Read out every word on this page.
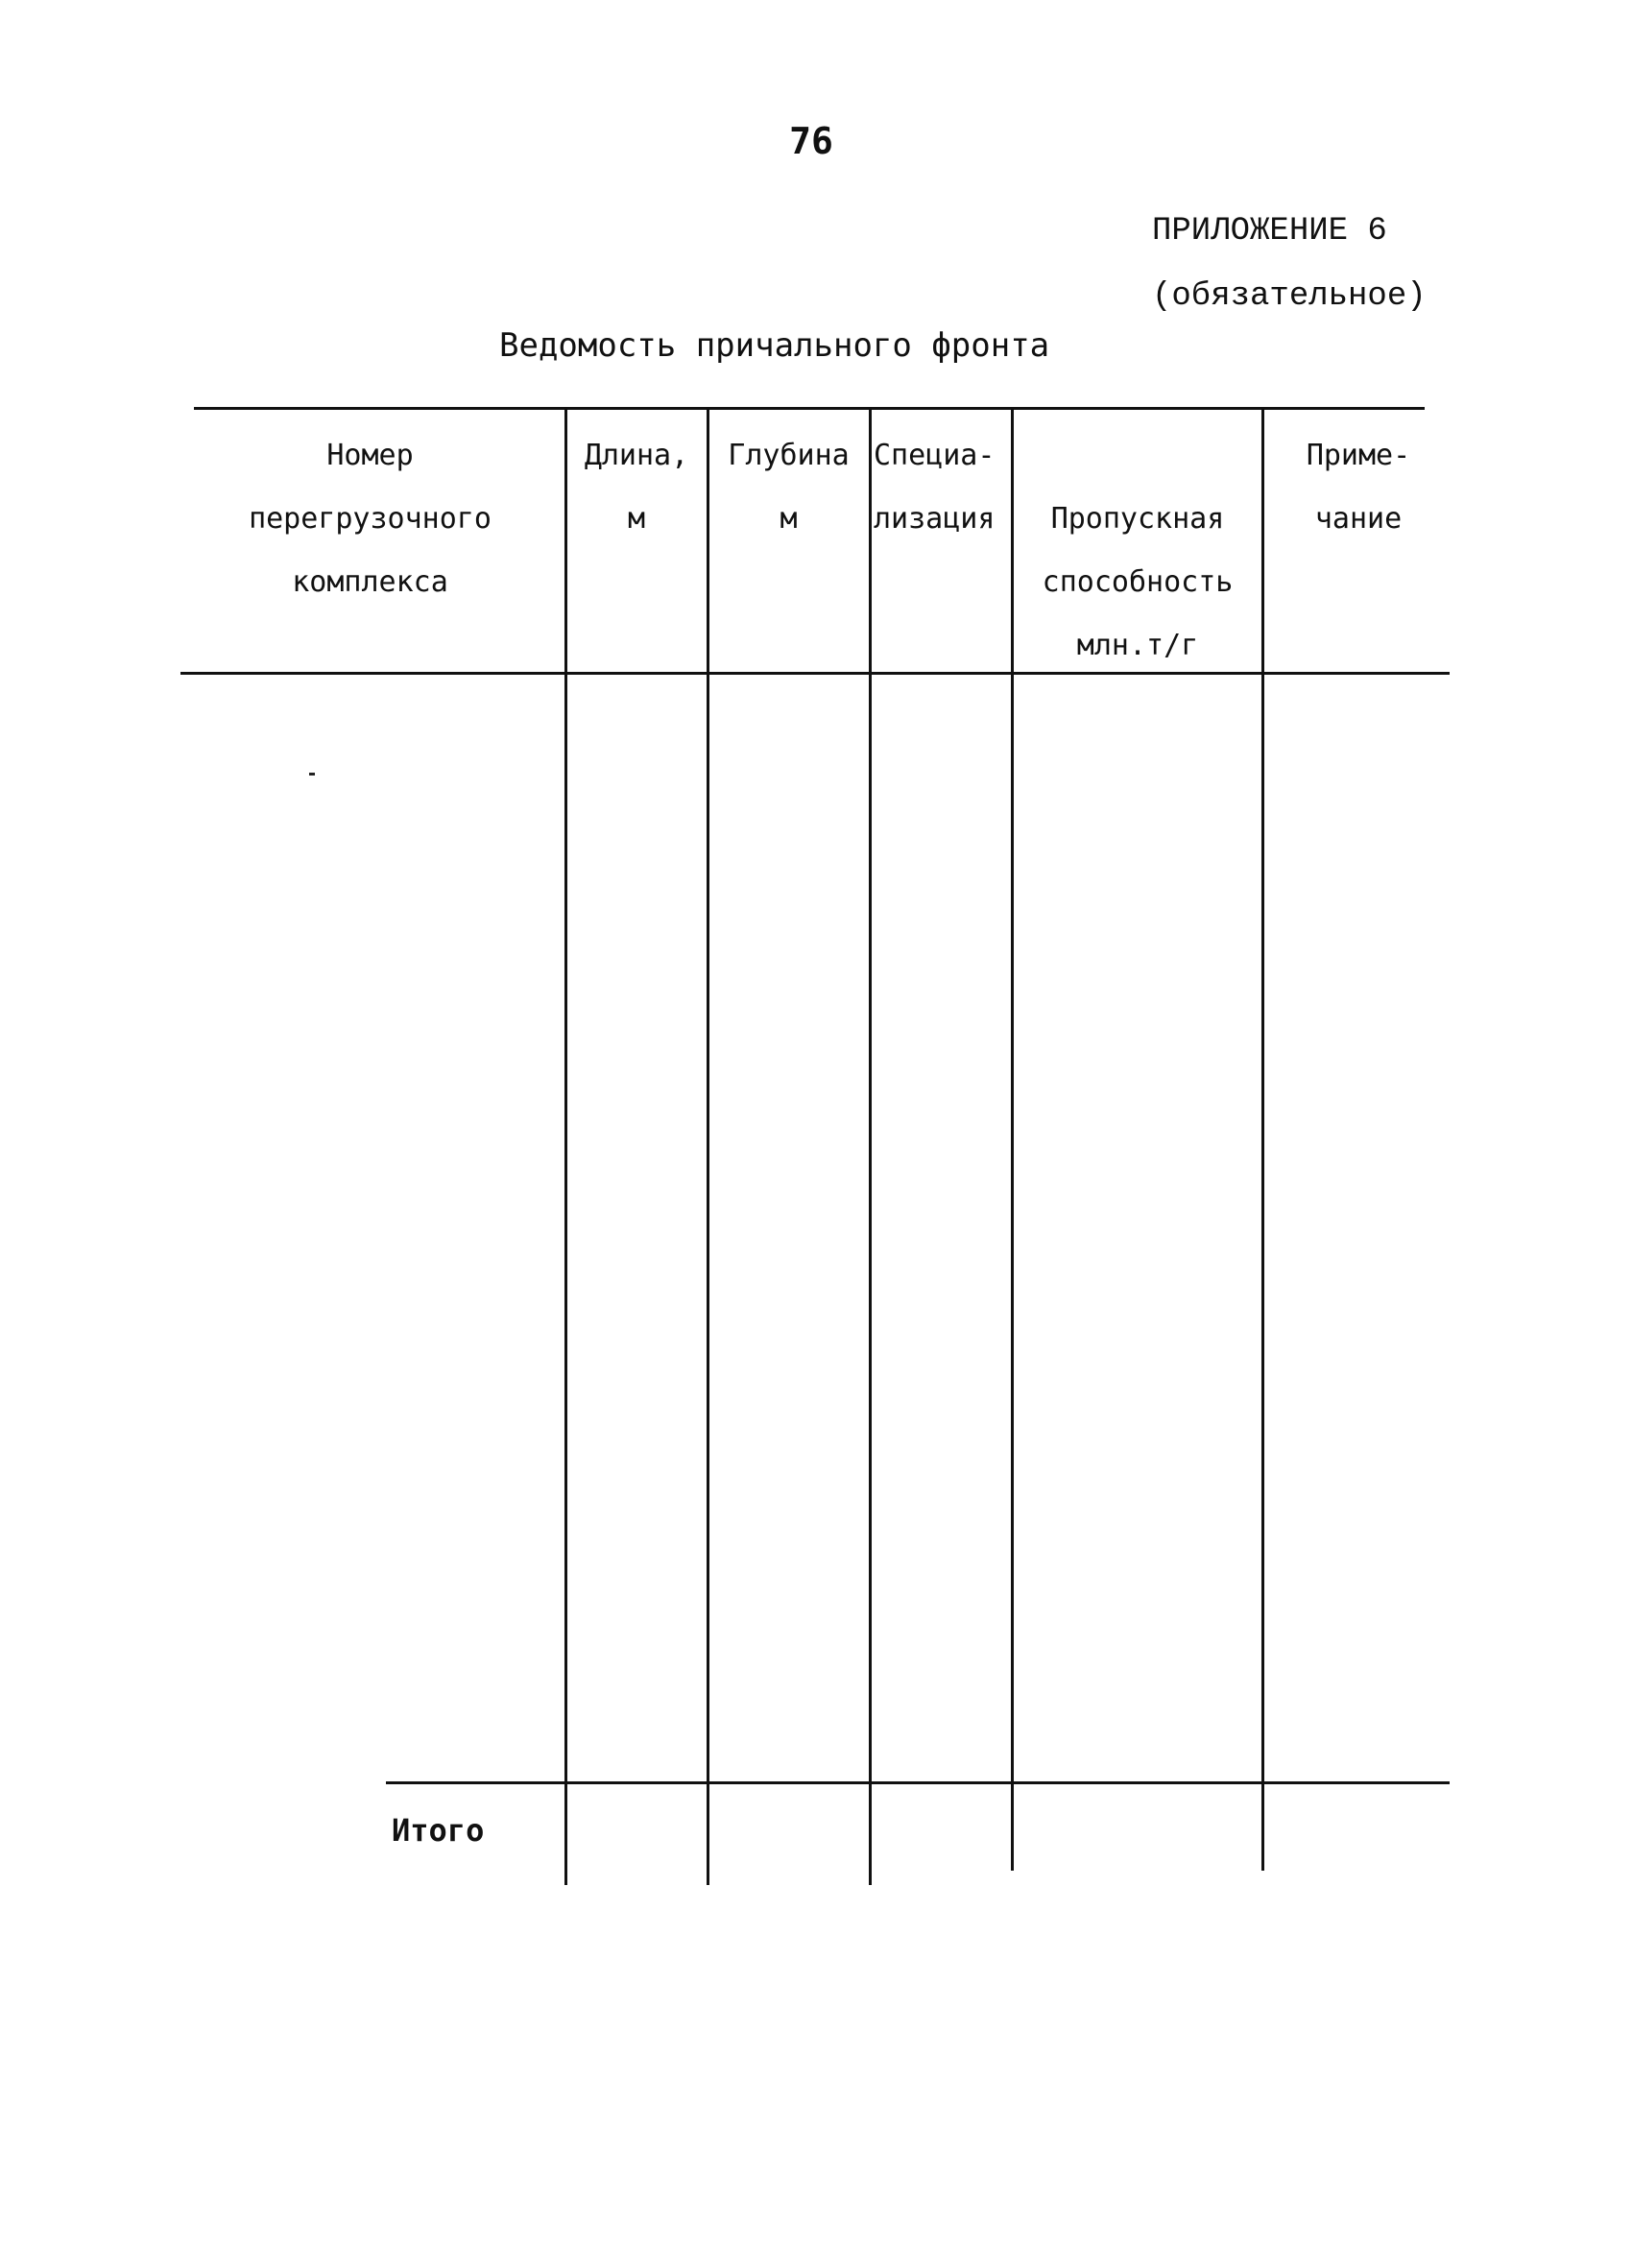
76
ПРИЛОЖЕНИЕ 6
(обязательное)
Ведомость причального фронта
Номер
перегрузочного
комплекса
Длина,
м
Глубина
м
Специа-
лизация	Пропускная
способность
млн.т/г
Приме-
чание
Итого
